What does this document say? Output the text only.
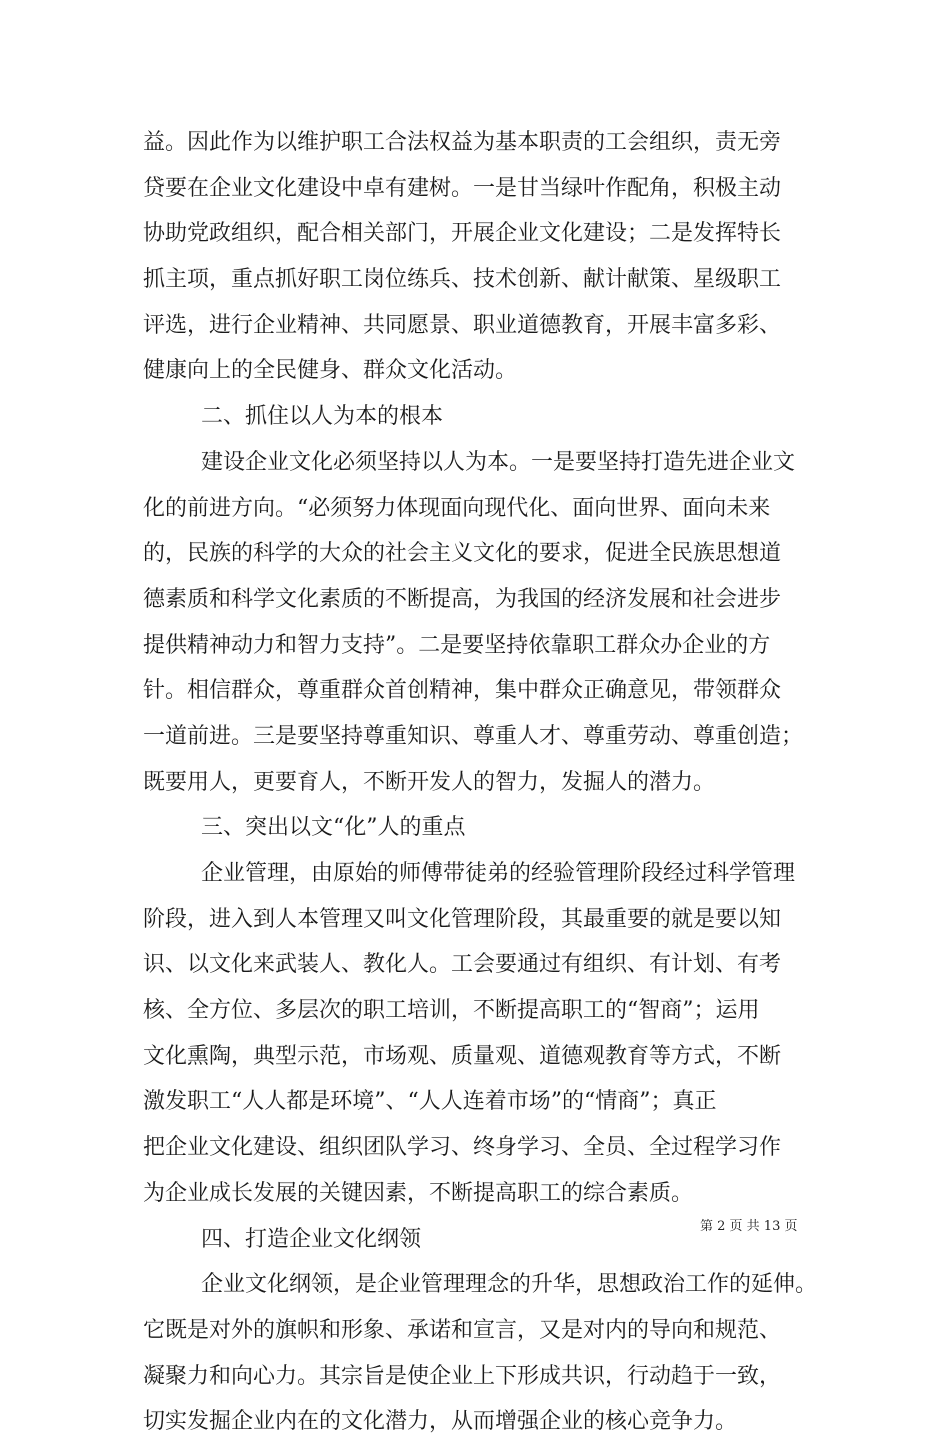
益。因此作为以维护职工合法权益为基本职责的工会组织，责无旁
贷要在企业文化建设中卓有建树。一是甘当绿叶作配角，积极主动
协助党政组织，配合相关部门，开展企业文化建设；二是发挥特长
抓主项，重点抓好职工岗位练兵、技术创新、献计献策、星级职工
评选，进行企业精神、共同愿景、职业道德教育，开展丰富多彩、
健康向上的全民健身、群众文化活动。
二、抓住以人为本的根本
建设企业文化必须坚持以人为本。一是要坚持打造先进企业文
化的前进方向。“必须努力体现面向现代化、面向世界、面向未来
的，民族的科学的大众的社会主义文化的要求，促进全民族思想道
德素质和科学文化素质的不断提高，为我国的经济发展和社会进步
提供精神动力和智力支持”。二是要坚持依靠职工群众办企业的方
针。相信群众，尊重群众首创精神，集中群众正确意见，带领群众
一道前进。三是要坚持尊重知识、尊重人才、尊重劳动、尊重创造；
既要用人，更要育人，不断开发人的智力，发掘人的潜力。
三、突出以文“化”人的重点
企业管理，由原始的师傅带徒弟的经验管理阶段经过科学管理
阶段，进入到人本管理又叫文化管理阶段，其最重要的就是要以知
识、以文化来武装人、教化人。工会要通过有组织、有计划、有考
核、全方位、多层次的职工培训，不断提高职工的“智商”；运用
文化熏陶，典型示范，市场观、质量观、道德观教育等方式，不断
激发职工“人人都是环境”、“人人连着市场”的“情商”；真正
把企业文化建设、组织团队学习、终身学习、全员、全过程学习作
为企业成长发展的关键因素，不断提高职工的综合素质。
四、打造企业文化纲领
企业文化纲领，是企业管理理念的升华，思想政治工作的延伸。
它既是对外的旗帜和形象、承诺和宣言，又是对内的导向和规范、
凝聚力和向心力。其宗旨是使企业上下形成共识，行动趋于一致，
切实发掘企业内在的文化潜力，从而增强企业的核心竞争力。
第 2 页 共 13 页
